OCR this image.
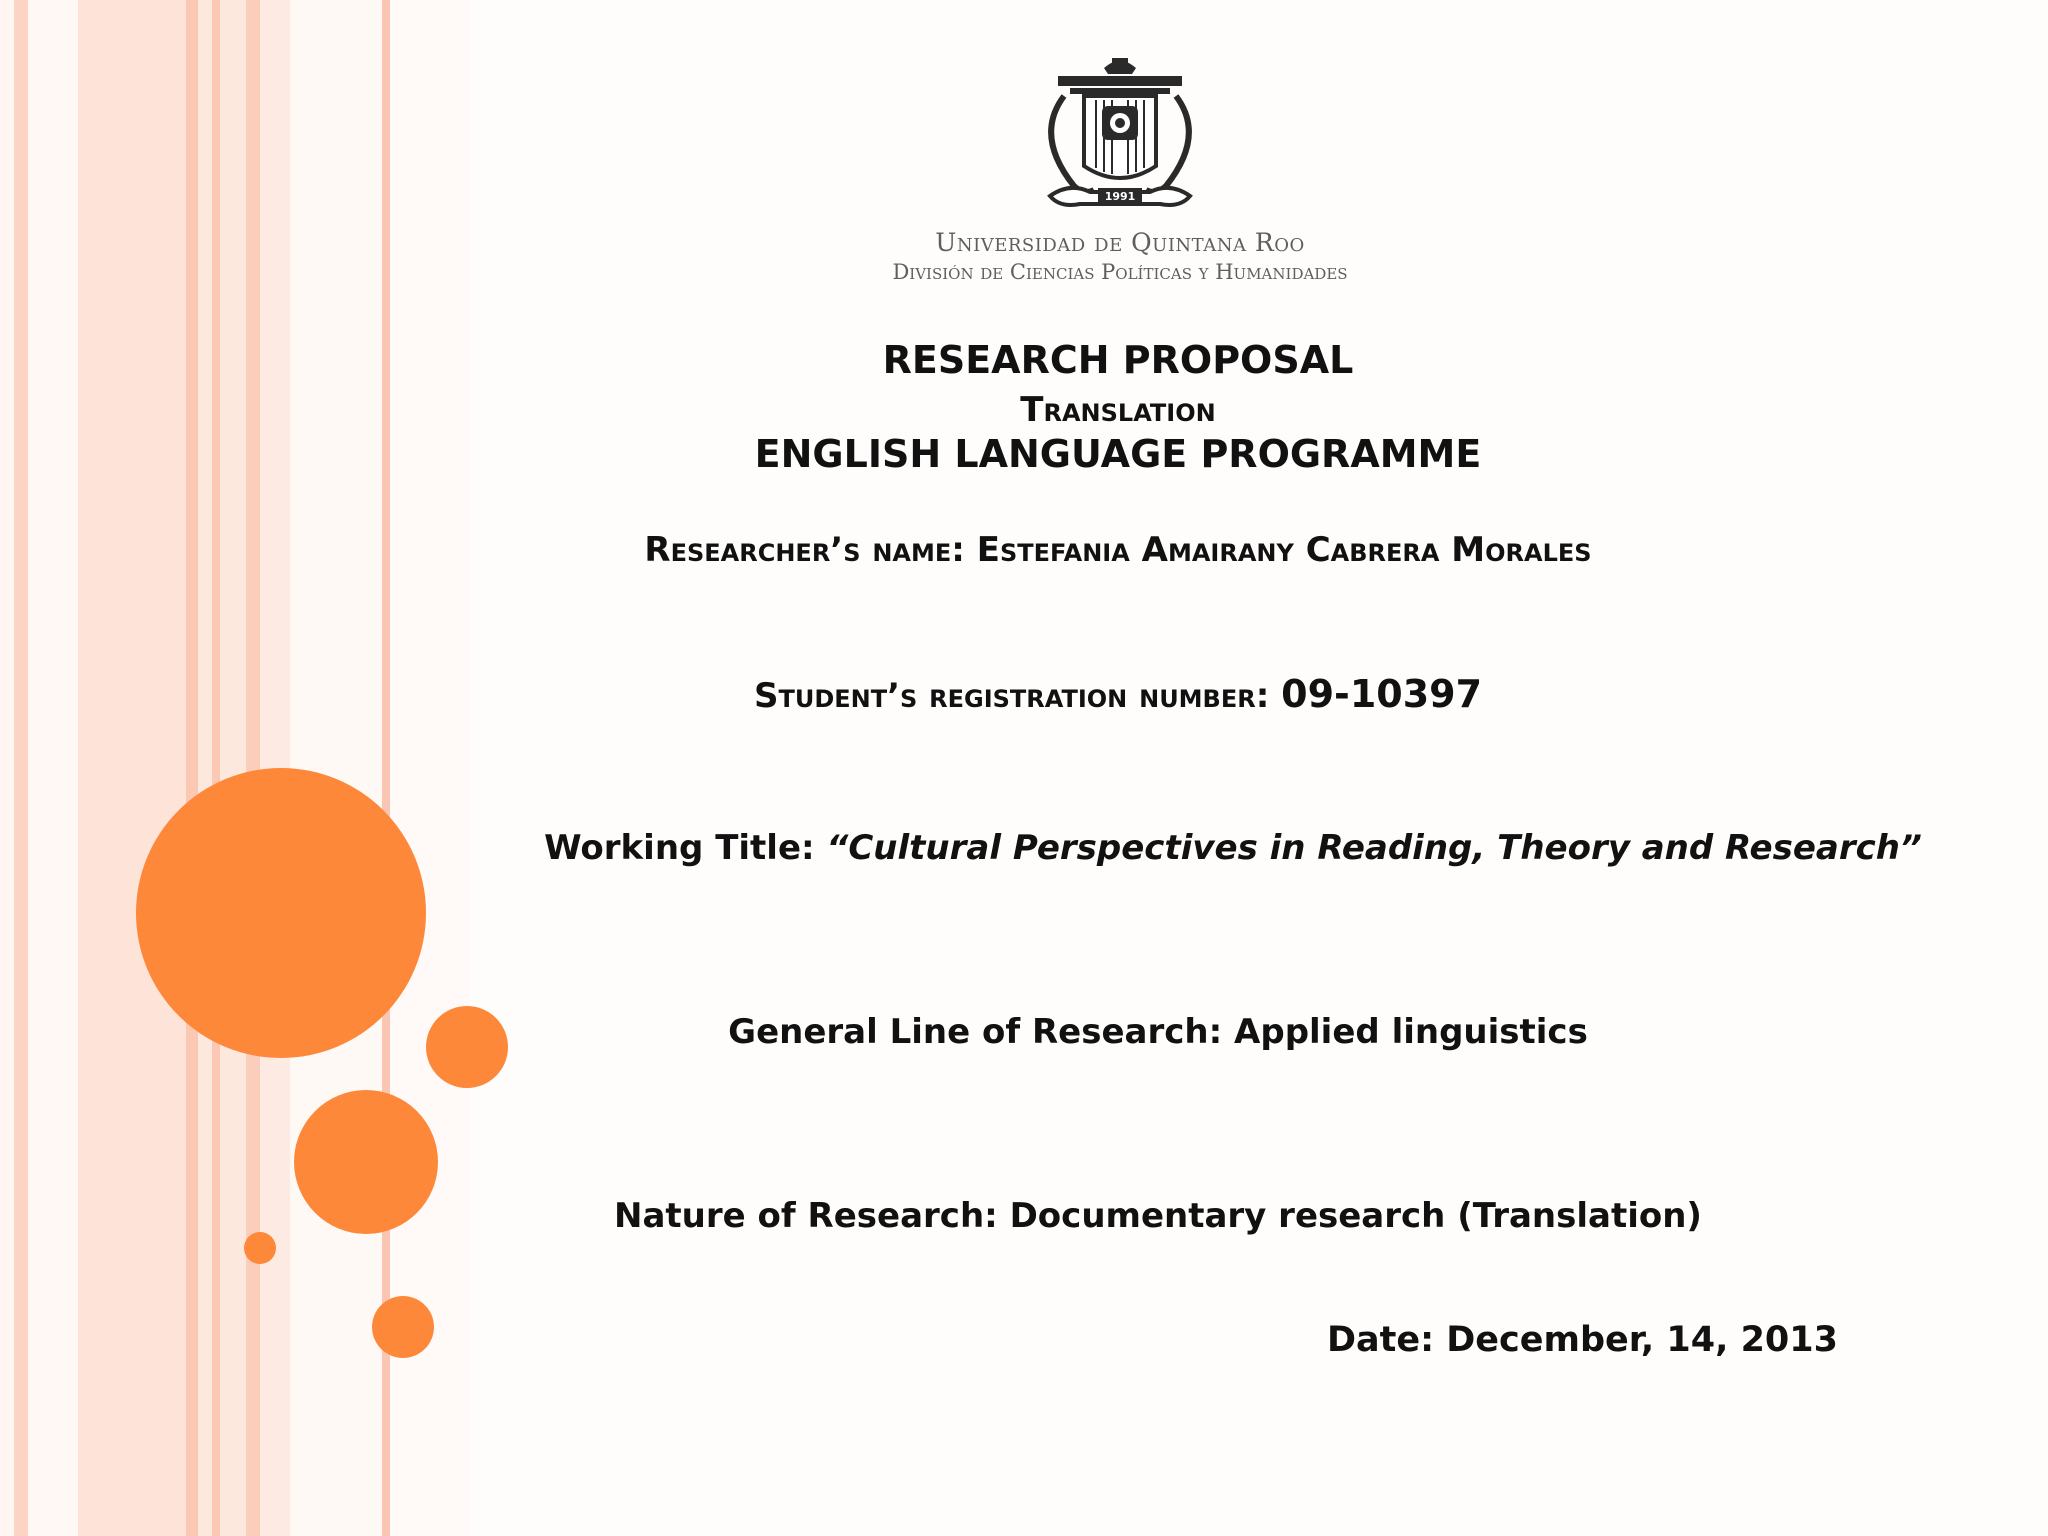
1991
Universidad de Quintana Roo
División de Ciencias Políticas y Humanidades
RESEARCH PROPOSAL
Translation
ENGLISH LANGUAGE PROGRAMME
Researcher’s name: Estefania Amairany Cabrera Morales
Student’s registration number: 09-10397
Working Title: “Cultural Perspectives in Reading, Theory and Research”
General Line of Research: Applied linguistics
Nature of Research: Documentary research (Translation)
Date: December, 14, 2013
